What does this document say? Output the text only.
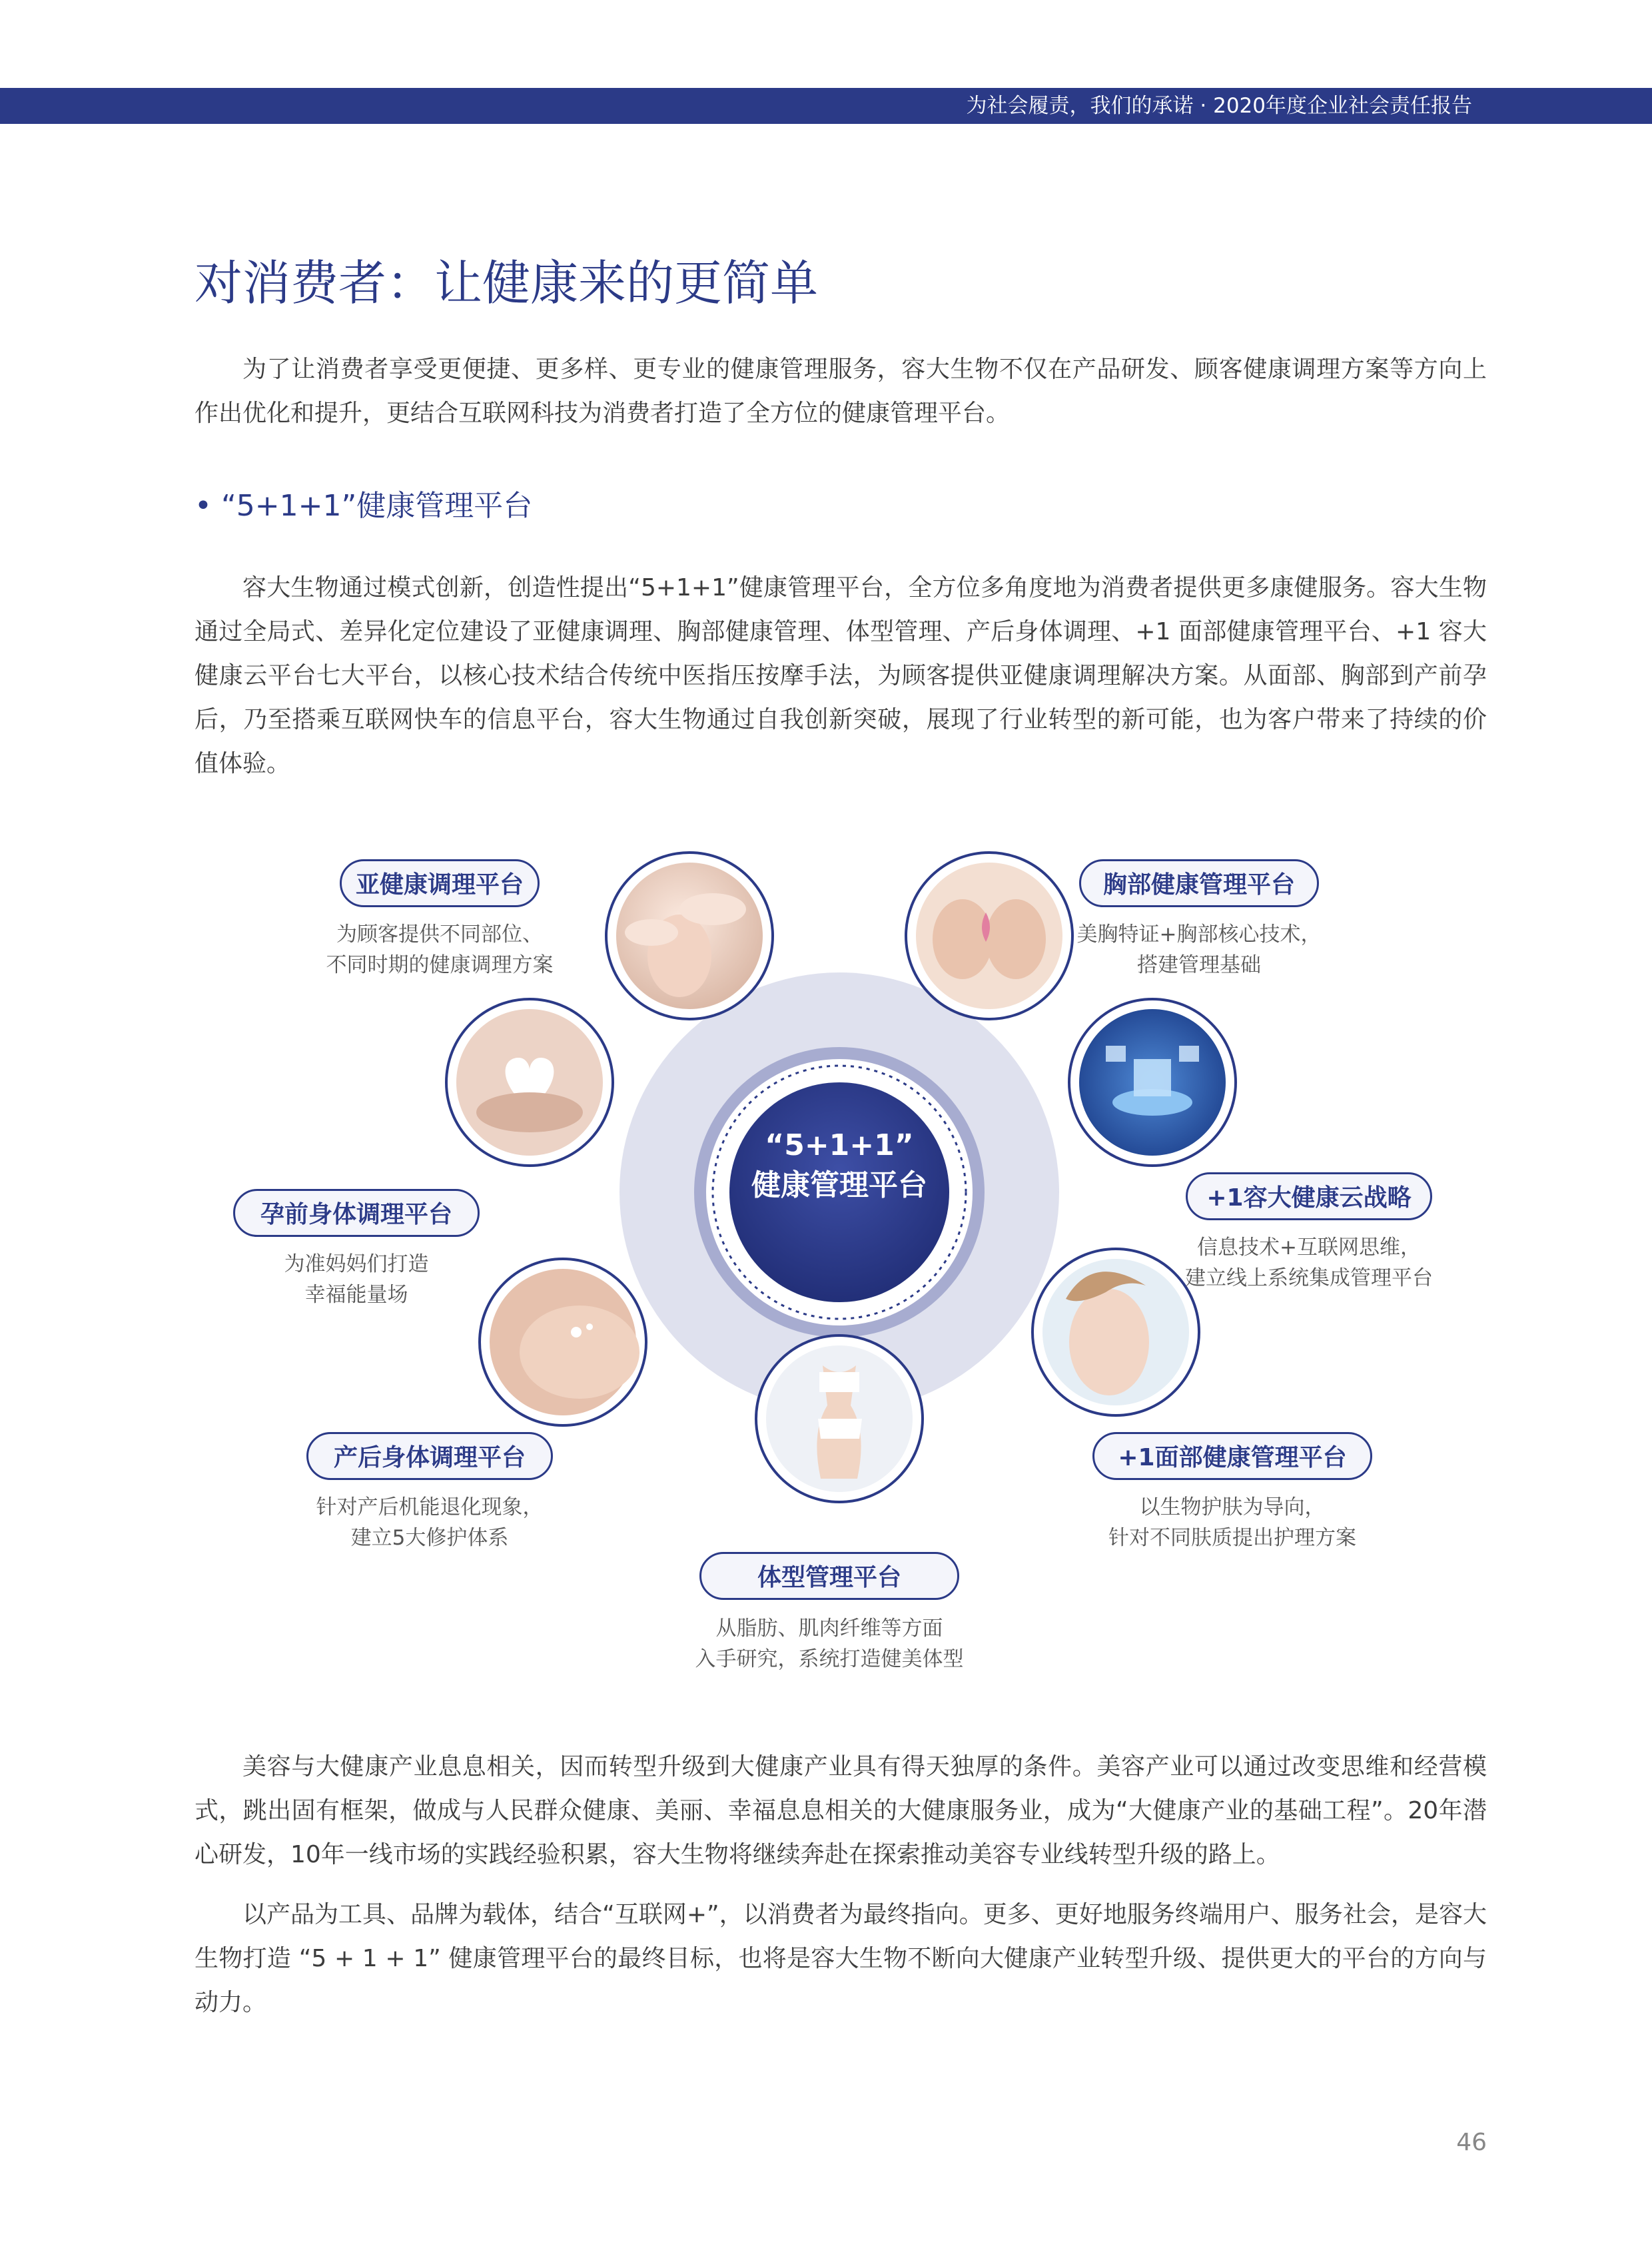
为社会履责，我们的承诺 · 2020年度企业社会责任报告
对消费者：让健康来的更简单

为了让消费者享受更便捷、更多样、更专业的健康管理服务，容大生物不仅在产品研发、顾客健康调理方案等方向上作出优化和提升，更结合互联网科技为消费者打造了全方位的健康管理平台。

• “5+1+1”健康管理平台

容大生物通过模式创新，创造性提出“5+1+1”健康管理平台，全方位多角度地为消费者提供更多康健服务。容大生物通过全局式、差异化定位建设了亚健康调理、胸部健康管理、体型管理、产后身体调理、+1 面部健康管理平台、+1 容大健康云平台七大平台，以核心技术结合传统中医指压按摩手法，为顾客提供亚健康调理解决方案。从面部、胸部到产前孕后，乃至搭乘互联网快车的信息平台，容大生物通过自我创新突破，展现了行业转型的新可能，也为客户带来了持续的价值体验。

“5+1+1”
健康管理平台
亚健康调理平台
为顾客提供不同部位、
不同时期的健康调理方案
胸部健康管理平台
美胸特证+胸部核心技术，
搭建管理基础
孕前身体调理平台
为准妈妈们打造
幸福能量场
+1容大健康云战略
信息技术+互联网思维，
建立线上系统集成管理平台
产后身体调理平台
针对产后机能退化现象，
建立5大修护体系
+1面部健康管理平台
以生物护肤为导向，
针对不同肤质提出护理方案
体型管理平台
从脂肪、肌肉纤维等方面
入手研究，系统打造健美体型

美容与大健康产业息息相关，因而转型升级到大健康产业具有得天独厚的条件。美容产业可以通过改变思维和经营模式，跳出固有框架，做成与人民群众健康、美丽、幸福息息相关的大健康服务业，成为“大健康产业的基础工程”。20年潜心研发，10年一线市场的实践经验积累，容大生物将继续奔赴在探索推动美容专业线转型升级的路上。

以产品为工具、品牌为载体，结合“互联网+”，以消费者为最终指向。更多、更好地服务终端用户、服务社会，是容大生物打造 “5 + 1 + 1” 健康管理平台的最终目标，也将是容大生物不断向大健康产业转型升级、提供更大的平台的方向与动力。

46
